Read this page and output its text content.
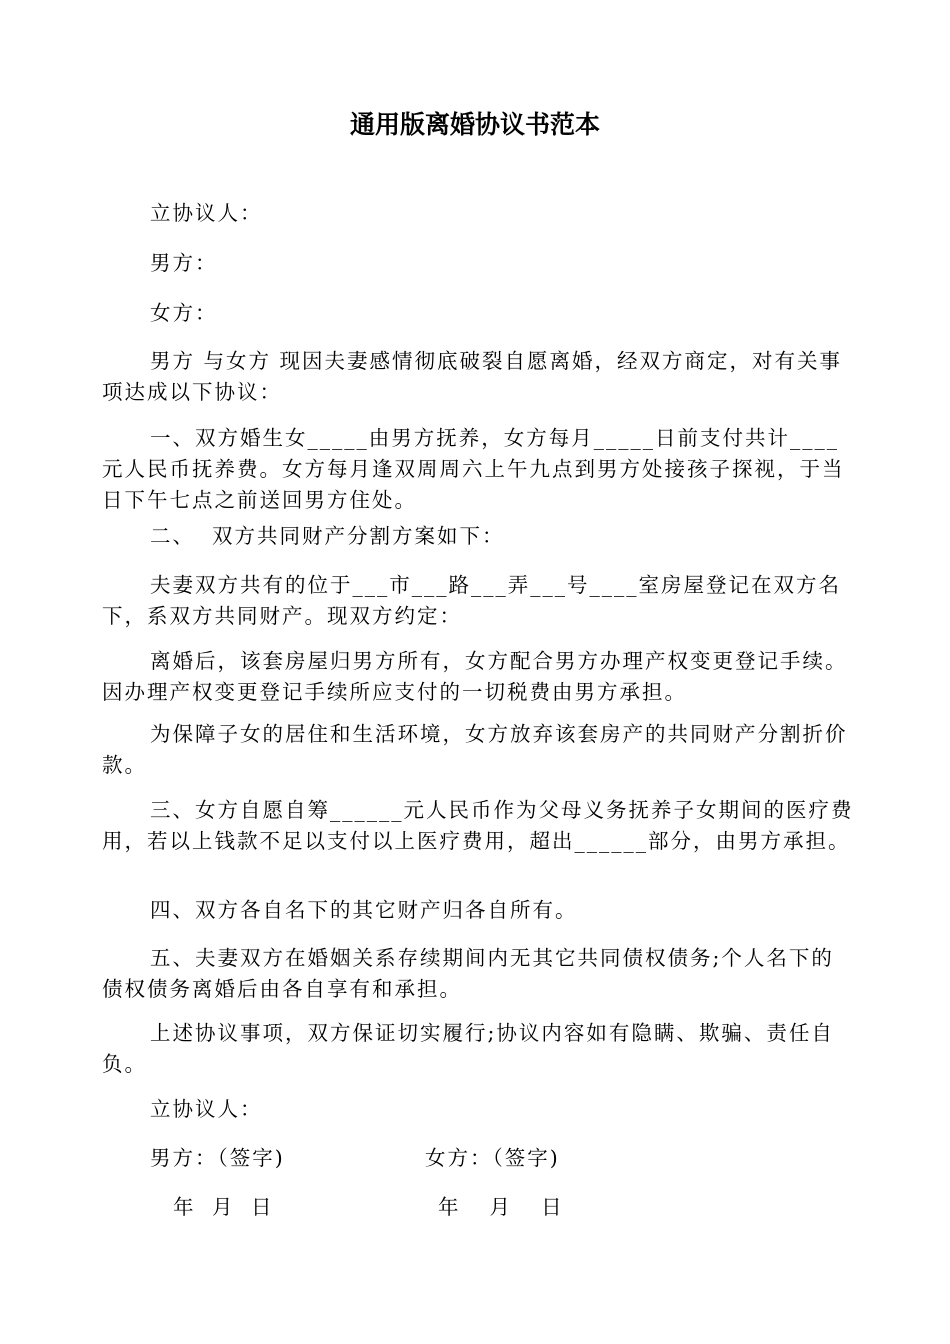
通用版离婚协议书范本
立协议人：
男方：
女方：
男方 与女方 现因夫妻感情彻底破裂自愿离婚，经双方商定，对有关事项达成以下协议：
一、双方婚生女_____由男方抚养，女方每月_____日前支付共计____元人民币抚养费。女方每月逢双周周六上午九点到男方处接孩子探视，于当日下午七点之前送回男方住处。
二、  双方共同财产分割方案如下：
夫妻双方共有的位于___市___路___弄___号____室房屋登记在双方名下，系双方共同财产。现双方约定：
离婚后，该套房屋归男方所有，女方配合男方办理产权变更登记手续。因办理产权变更登记手续所应支付的一切税费由男方承担。
为保障子女的居住和生活环境，女方放弃该套房产的共同财产分割折价款。
三、女方自愿自筹______元人民币作为父母义务抚养子女期间的医疗费用，若以上钱款不足以支付以上医疗费用，超出______部分，由男方承担。
四、双方各自名下的其它财产归各自所有。
五、夫妻双方在婚姻关系存续期间内无其它共同债权债务;个人名下的债权债务离婚后由各自享有和承担。
上述协议事项，双方保证切实履行;协议内容如有隐瞒、欺骗、责任自负。
立协议人：
男方：（签字)	女方：（签字)
年 月 日	年  月  日
